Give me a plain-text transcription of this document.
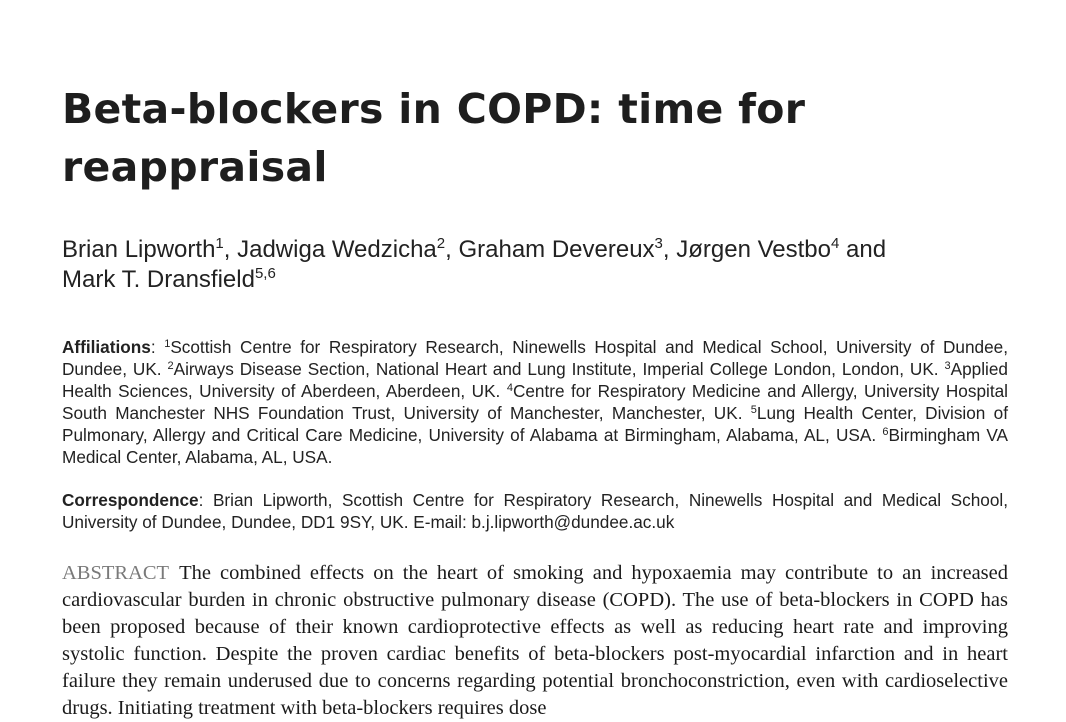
Beta-blockers in COPD: time for reappraisal

Brian Lipworth$^1$, Jadwiga Wedzicha$^2$, Graham Devereux$^3$, Jørgen Vestbo$^4$ and
Mark T. Dransfield$^{5,6}$

Affiliations: $^1$Scottish Centre for Respiratory Research, Ninewells Hospital and Medical School, University of Dundee, Dundee, UK. $^2$Airways Disease Section, National Heart and Lung Institute, Imperial College London, London, UK. $^3$Applied Health Sciences, University of Aberdeen, Aberdeen, UK. $^4$Centre for Respiratory Medicine and Allergy, University Hospital South Manchester NHS Foundation Trust, University of Manchester, Manchester, UK. $^5$Lung Health Center, Division of Pulmonary, Allergy and Critical Care Medicine, University of Alabama at Birmingham, Alabama, AL, USA. $^6$Birmingham VA Medical Center, Alabama, AL, USA.

Correspondence: Brian Lipworth, Scottish Centre for Respiratory Research, Ninewells Hospital and Medical School, University of Dundee, Dundee, DD1 9SY, UK. E-mail: b.j.lipworth@dundee.ac.uk

ABSTRACT The combined effects on the heart of smoking and hypoxaemia may contribute to an increased cardiovascular burden in chronic obstructive pulmonary disease (COPD). The use of beta-blockers in COPD has been proposed because of their known cardioprotective effects as well as reducing heart rate and improving systolic function. Despite the proven cardiac benefits of beta-blockers post-myocardial infarction and in heart failure they remain underused due to concerns regarding potential bronchoconstriction, even with cardioselective drugs. Initiating treatment with beta-blockers requires dose
